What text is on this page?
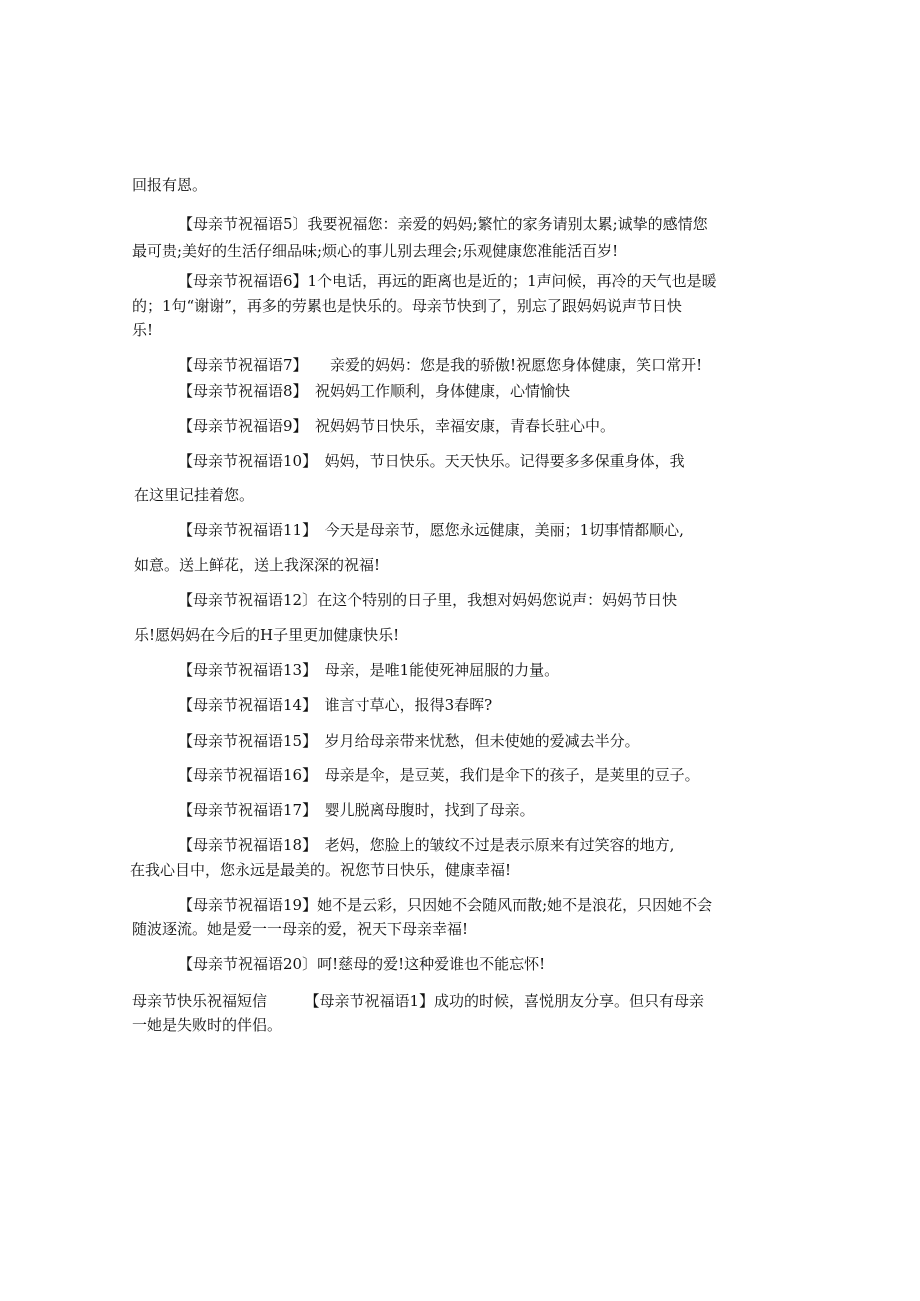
回报有恩。

【母亲节祝福语5〕我要祝福您：亲爱的妈妈;繁忙的家务请别太累;诚挚的感情您

最可贵;美好的生活仔细品味;烦心的事儿别去理会;乐观健康您准能活百岁!

【母亲节祝福语6】1个电话，再远的距离也是近的；1声问候，再冷的天气也是暖

的；1句“谢谢”，再多的劳累也是快乐的。母亲节快到了，别忘了跟妈妈说声节日快

乐!

【母亲节祝福语7】　　亲爱的妈妈：您是我的骄傲!祝愿您身体健康，笑口常开!

【母亲节祝福语8】　祝妈妈工作顺利，身体健康，心情愉快

【母亲节祝福语9】　祝妈妈节日快乐，幸福安康，青春长驻心中。

【母亲节祝福语10】　妈妈，节日快乐。天天快乐。记得要多多保重身体，我

在这里记挂着您。

【母亲节祝福语11】　今天是母亲节，愿您永远健康，美丽；1切事情都顺心,

如意。送上鲜花，送上我深深的祝福!

【母亲节祝福语12〕在这个特别的日子里，我想对妈妈您说声：妈妈节日快

乐!愿妈妈在今后的H子里更加健康快乐!

【母亲节祝福语13】　母亲，是唯1能使死神屈服的力量。

【母亲节祝福语14】　谁言寸草心，报得3春晖?

【母亲节祝福语15】　岁月给母亲带来忧愁，但未使她的爱减去半分。

【母亲节祝福语16】　母亲是伞，是豆荚，我们是伞下的孩子，是荚里的豆子。

【母亲节祝福语17】　婴儿脱离母腹时，找到了母亲。

【母亲节祝福语18】　老妈，您脸上的皱纹不过是表示原来有过笑容的地方,

在我心目中，您永远是最美的。祝您节日快乐，健康幸福!

【母亲节祝福语19】她不是云彩，只因她不会随风而散;她不是浪花，只因她不会

随波逐流。她是爱一一母亲的爱，祝天下母亲幸福!

【母亲节祝福语20〕呵!慈母的爱!这种爱谁也不能忘怀!

母亲节快乐祝福短信　　　【母亲节祝福语1】成功的时候，喜悦朋友分享。但只有母亲

一她是失败时的伴侣。
